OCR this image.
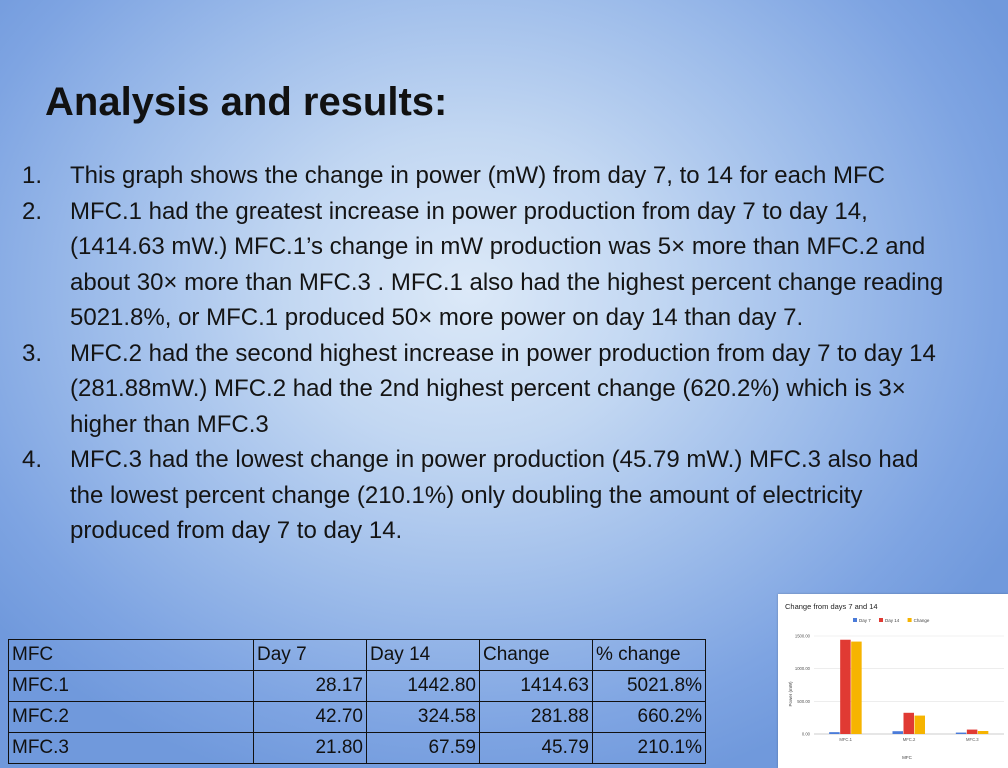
Analysis and results:
1. This graph shows the change in power (mW) from day 7, to 14 for each MFC
2. MFC.1 had the greatest increase in power production from day 7 to day 14, (1414.63 mW.) MFC.1’s change in mW production was 5× more than MFC.2 and about 30× more than MFC.3 . MFC.1 also had the highest percent change reading 5021.8%, or MFC.1 produced 50× more power on day 14 than day 7.
3. MFC.2 had the second highest increase in power production from day 7 to day 14 (281.88mW.) MFC.2 had the 2nd highest percent change (620.2%) which is 3× higher than MFC.3
4. MFC.3 had the lowest change in power production (45.79 mW.) MFC.3 also had the lowest percent change (210.1%) only doubling the amount of electricity produced from day 7 to day 14.
MFC	Day 7	Day 14	Change	% change
MFC.1	28.17	1442.80	1414.63	5021.8%
MFC.2	42.70	324.58	281.88	660.2%
MFC.3	21.80	67.59	45.79	210.1%
Change from days 7 and 14
Day 7	Day 14	Change
0.00
500.00
1000.00
1500.00
MFC.1	MFC.2	MFC.3
Power (mW)
MFC
